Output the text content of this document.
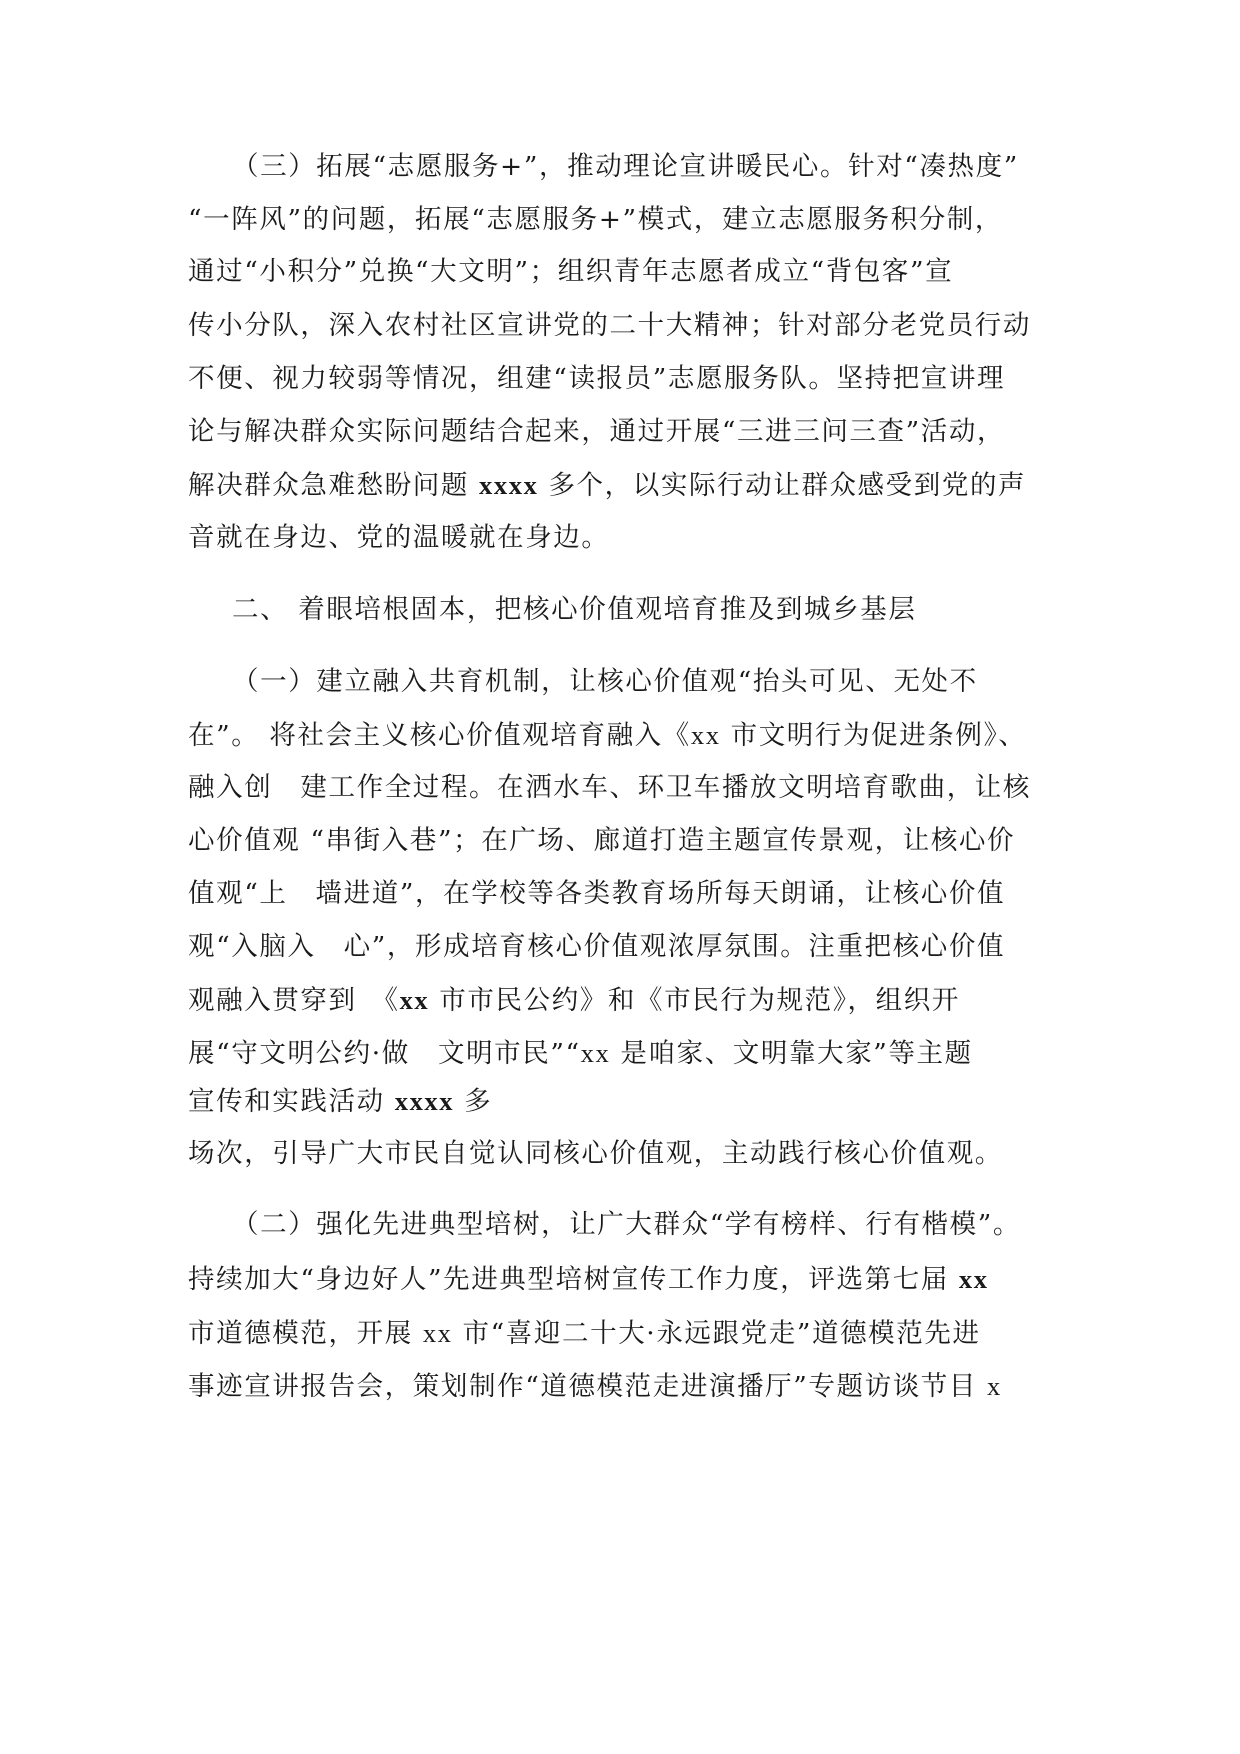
（三）拓展“志愿服务+”，推动理论宣讲暖民心。针对“凑热度”
“一阵风”的问题，拓展“志愿服务+”模式，建立志愿服务积分制，
通过“小积分”兑换“大文明”；组织青年志愿者成立“背包客”宣
传小分队，深入农村社区宣讲党的二十大精神；针对部分老党员行动
不便、视力较弱等情况，组建“读报员”志愿服务队。坚持把宣讲理
论与解决群众实际问题结合起来，通过开展“三进三问三查”活动，
解决群众急难愁盼问题 xxxx 多个，以实际行动让群众感受到党的声
音就在身边、党的温暖就在身边。
二、 着眼培根固本，把核心价值观培育推及到城乡基层
（一）建立融入共育机制，让核心价值观“抬头可见、无处不
在”。 将社会主义核心价值观培育融入《xx 市文明行为促进条例》、
融入创　建工作全过程。在洒水车、环卫车播放文明培育歌曲，让核
心价值观 “串街入巷”；在广场、廊道打造主题宣传景观，让核心价
值观“上　墙进道”，在学校等各类教育场所每天朗诵，让核心价值
观“入脑入　心”，形成培育核心价值观浓厚氛围。注重把核心价值
观融入贯穿到　《xx 市市民公约》和《市民行为规范》，组织开
展“守文明公约·做　文明市民”“xx 是咱家、文明靠大家”等主题
宣传和实践活动 xxxx 多
场次，引导广大市民自觉认同核心价值观，主动践行核心价值观。
（二）强化先进典型培树，让广大群众“学有榜样、行有楷模”。
持续加大“身边好人”先进典型培树宣传工作力度，评选第七届 xx
市道德模范，开展 xx 市“喜迎二十大·永远跟党走”道德模范先进
事迹宣讲报告会，策划制作“道德模范走进演播厅”专题访谈节目 x
